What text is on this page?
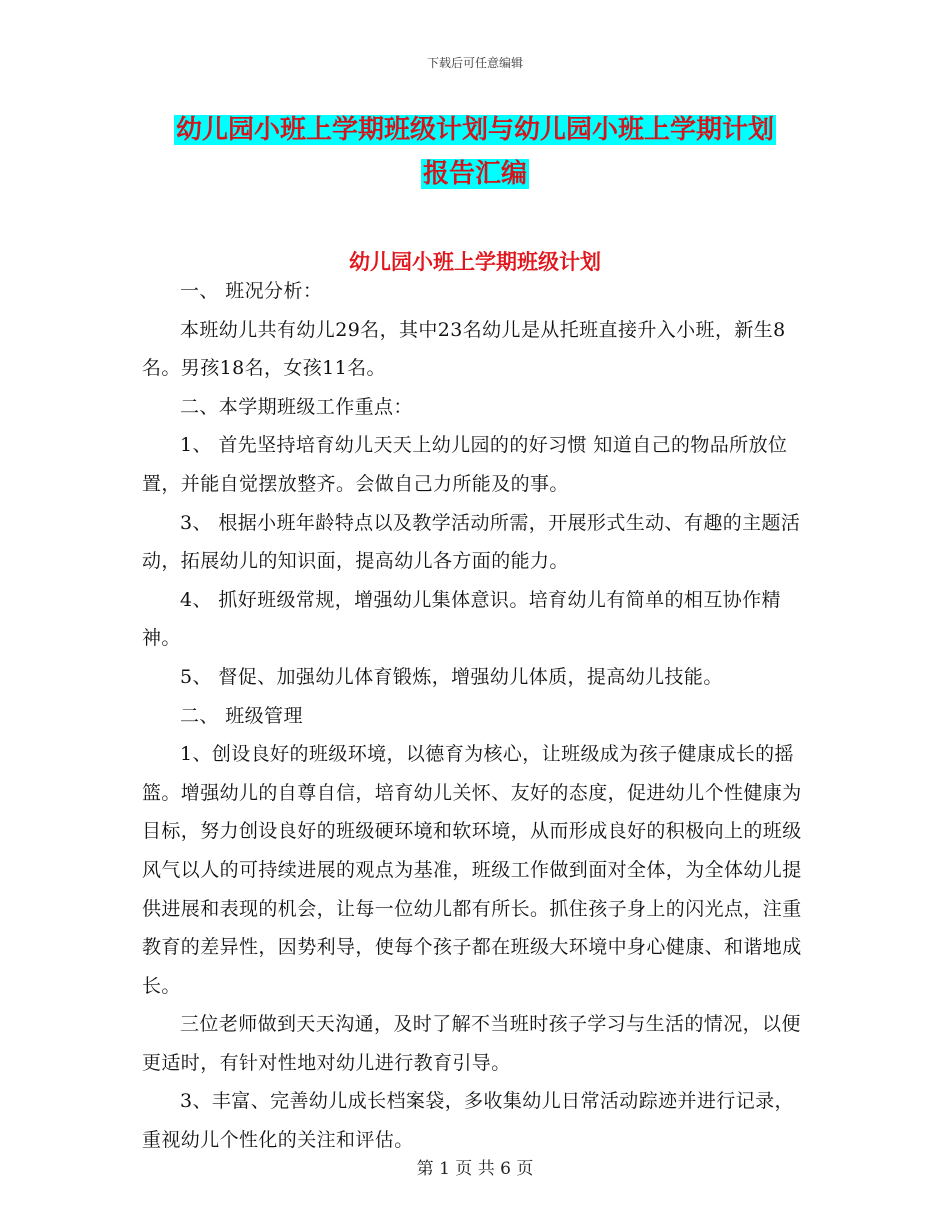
下载后可任意编辑
幼儿园小班上学期班级计划与幼儿园小班上学期计划
报告汇编
幼儿园小班上学期班级计划

一、 班况分析：

本班幼儿共有幼儿29名，其中23名幼儿是从托班直接升入小班，新生8名。男孩18名，女孩11名。

二、本学期班级工作重点：

1、 首先坚持培育幼儿天天上幼儿园的的好习惯 知道自己的物品所放位置，并能自觉摆放整齐。会做自己力所能及的事。

3、 根据小班年龄特点以及教学活动所需，开展形式生动、有趣的主题活动，拓展幼儿的知识面，提高幼儿各方面的能力。

4、 抓好班级常规，增强幼儿集体意识。培育幼儿有简单的相互协作精神。

5、 督促、加强幼儿体育锻炼，增强幼儿体质，提高幼儿技能。

二、 班级管理

1、创设良好的班级环境，以德育为核心，让班级成为孩子健康成长的摇篮。增强幼儿的自尊自信，培育幼儿关怀、友好的态度，促进幼儿个性健康为目标，努力创设良好的班级硬环境和软环境，从而形成良好的积极向上的班级风气以人的可持续进展的观点为基准，班级工作做到面对全体，为全体幼儿提供进展和表现的机会，让每一位幼儿都有所长。抓住孩子身上的闪光点，注重教育的差异性，因势利导，使每个孩子都在班级大环境中身心健康、和谐地成长。

三位老师做到天天沟通，及时了解不当班时孩子学习与生活的情况，以便更适时，有针对性地对幼儿进行教育引导。

3、丰富、完善幼儿成长档案袋，多收集幼儿日常活动踪迹并进行记录，重视幼儿个性化的关注和评估。

第 1 页 共 6 页
